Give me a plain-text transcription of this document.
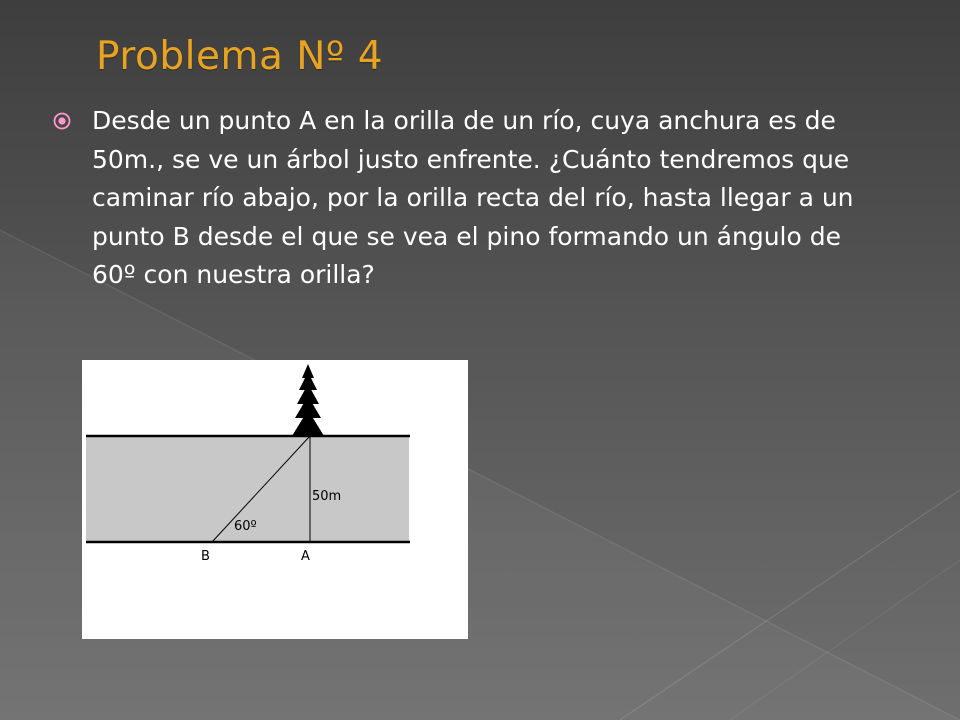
Problema Nº 4
Desde un punto A en la orilla de un río, cuya anchura es de 50m., se ve un árbol justo enfrente. ¿Cuánto tendremos que caminar río abajo, por la orilla recta del río, hasta llegar a un punto B desde el que se vea el pino formando un ángulo de 60º con nuestra orilla?
50m
60º
B	A
